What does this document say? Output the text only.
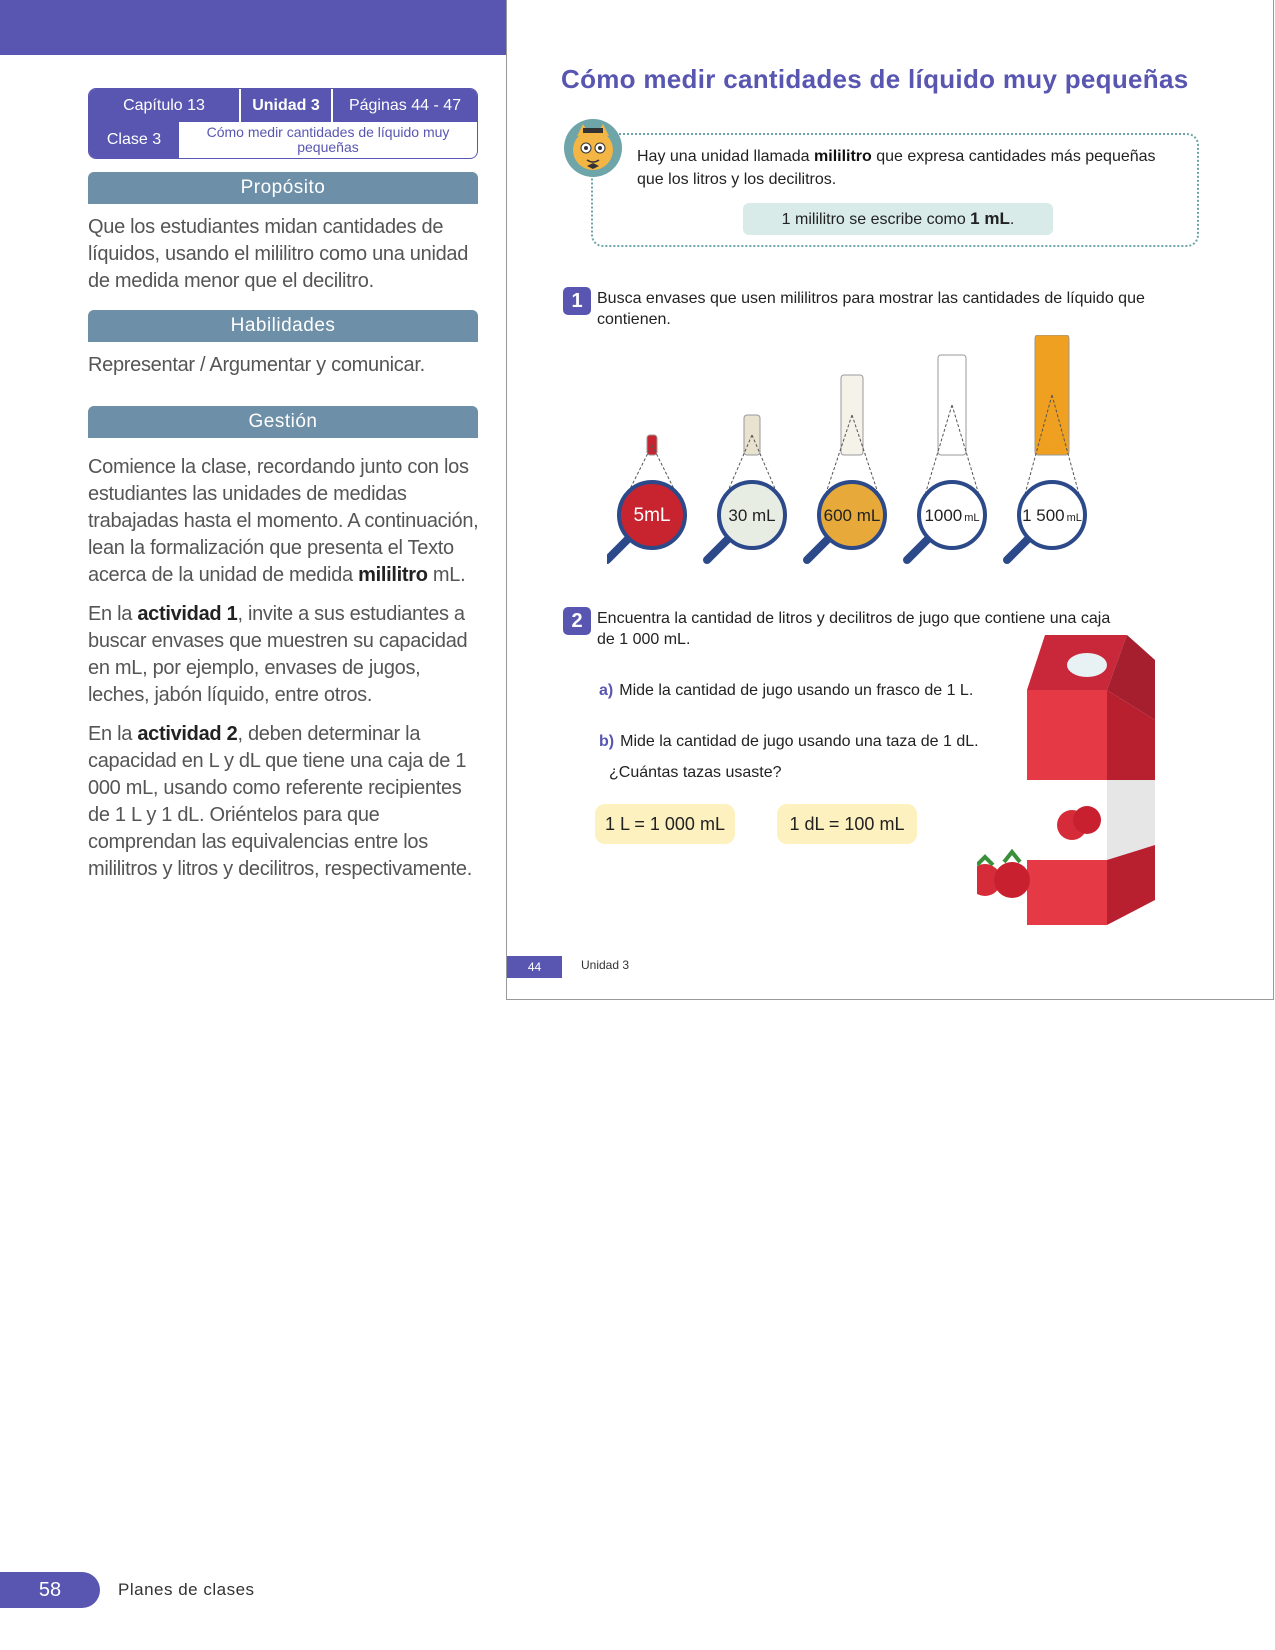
Capítulo 13	Unidad 3	Páginas 44 - 47
Clase 3	Cómo medir cantidades de líquido muy pequeñas
Propósito
Que los estudiantes midan cantidades de líquidos, usando el mililitro como una unidad de medida menor que el decilitro.
Habilidades
Representar / Argumentar y comunicar.
Gestión

Comience la clase, recordando junto con los estudiantes las unidades de medidas trabajadas hasta el momento. A continuación, lean la formalización que presenta el Texto acerca de la unidad de medida mililitro mL.

En la actividad 1, invite a sus estudiantes a buscar envases que muestren su capacidad en mL, por ejemplo, envases de jugos, leches, jabón líquido, entre otros.

En la actividad 2, deben determinar la capacidad en L y dL que tiene una caja de 1 000 mL, usando como referente recipientes de 1 L y 1 dL. Oriéntelos para que comprendan las equivalencias entre los mililitros y litros y decilitros, respectivamente.

Cómo medir cantidades de líquido muy pequeñas
Hay una unidad llamada mililitro que expresa cantidades más pequeñas que los litros y los decilitros.
1 mililitro se escribe como 1 mL.
1 Busca envases que usen mililitros para mostrar las cantidades de líquido que contienen.
5mL	30 mL	600 mL	1000 mL	1 500 mL
2 Encuentra la cantidad de litros y decilitros de jugo que contiene una caja de 1 000 mL.
a) Mide la cantidad de jugo usando un frasco de 1 L.
b) Mide la cantidad de jugo usando una taza de 1 dL.
¿Cuántas tazas usaste?
1 L = 1 000 mL	1 dL = 100 mL
44	Unidad 3
58	Planes de clases
